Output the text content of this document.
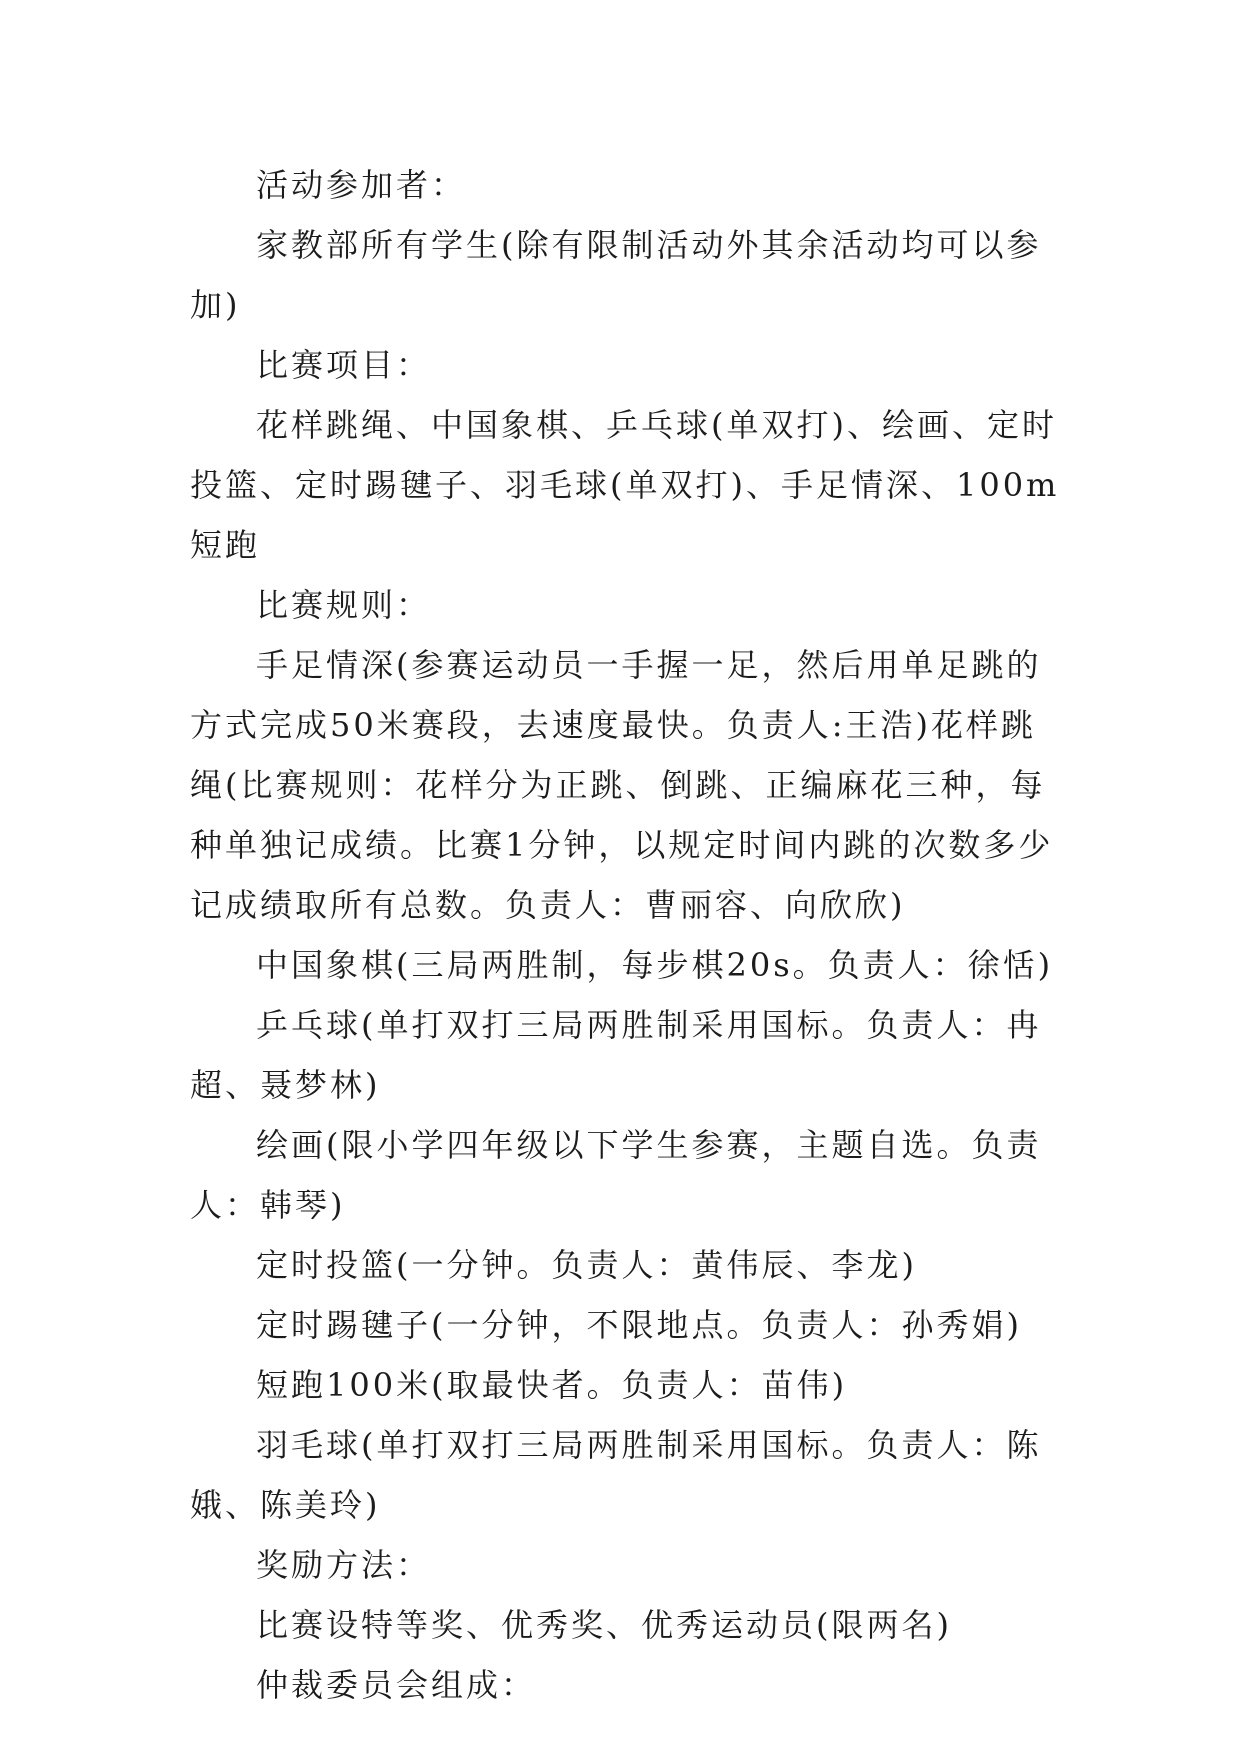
活动参加者：

家教部所有学生(除有限制活动外其余活动均可以参加)

比赛项目：

花样跳绳、中国象棋、乒乓球(单双打)、绘画、定时投篮、定时踢毽子、羽毛球(单双打)、手足情深、100m短跑

比赛规则：

手足情深(参赛运动员一手握一足，然后用单足跳的方式完成50米赛段，去速度最快。负责人:王浩)花样跳绳(比赛规则：花样分为正跳、倒跳、正编麻花三种，每种单独记成绩。比赛1分钟，以规定时间内跳的次数多少记成绩取所有总数。负责人：曹丽容、向欣欣)

中国象棋(三局两胜制，每步棋20s。负责人：徐恬)

乒乓球(单打双打三局两胜制采用国标。负责人：冉超、聂梦林)

绘画(限小学四年级以下学生参赛，主题自选。负责人：韩琴)

定时投篮(一分钟。负责人：黄伟辰、李龙)

定时踢毽子(一分钟，不限地点。负责人：孙秀娟)

短跑100米(取最快者。负责人：苗伟)

羽毛球(单打双打三局两胜制采用国标。负责人：陈娥、陈美玲)

奖励方法：

比赛设特等奖、优秀奖、优秀运动员(限两名)

仲裁委员会组成：
